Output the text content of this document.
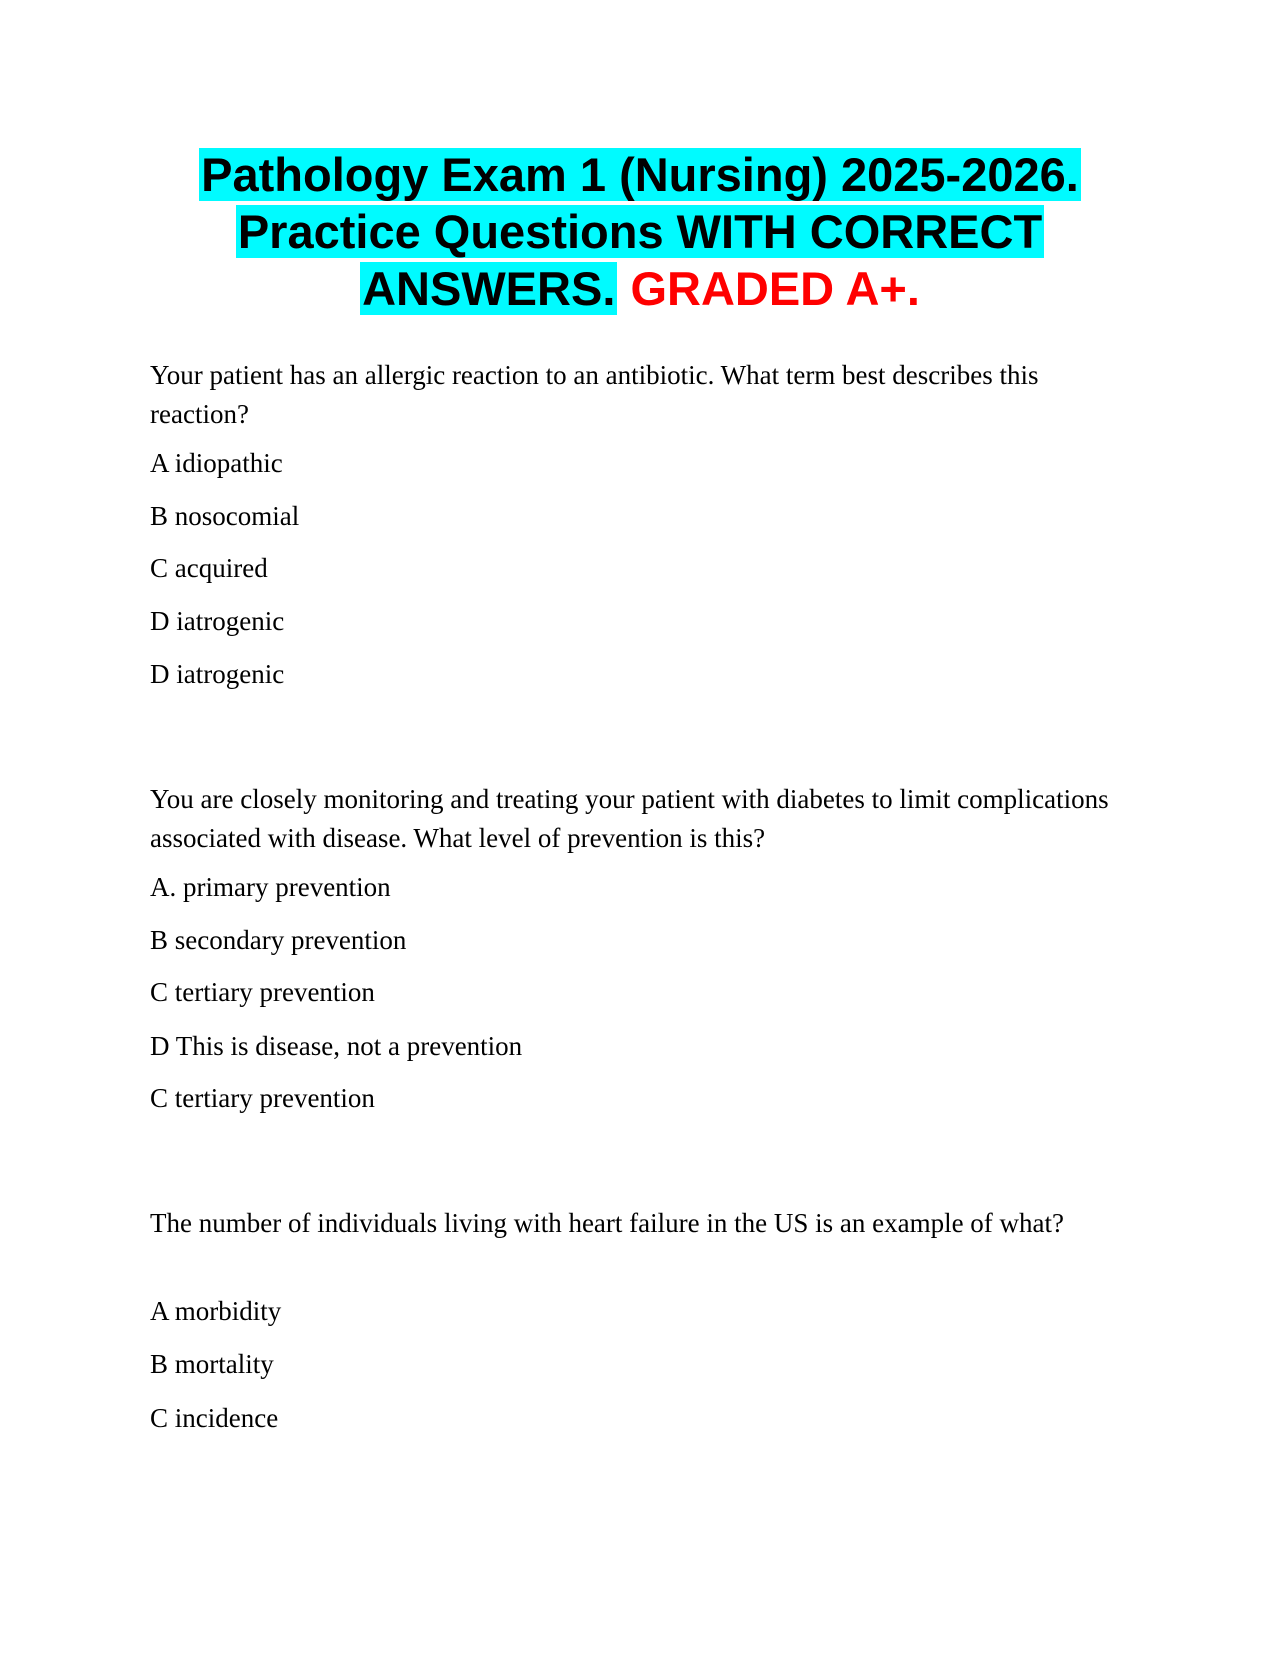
Pathology Exam 1 (Nursing) 2025-2026.
Practice Questions WITH CORRECT
ANSWERS. GRADED A+.

Your patient has an allergic reaction to an antibiotic. What term best describes this reaction?

A idiopathic

B nosocomial

C acquired

D iatrogenic

D iatrogenic

You are closely monitoring and treating your patient with diabetes to limit complications associated with disease. What level of prevention is this?

A. primary prevention

B secondary prevention

C tertiary prevention

D This is disease, not a prevention

C tertiary prevention

The number of individuals living with heart failure in the US is an example of what?

A morbidity

B mortality

C incidence
